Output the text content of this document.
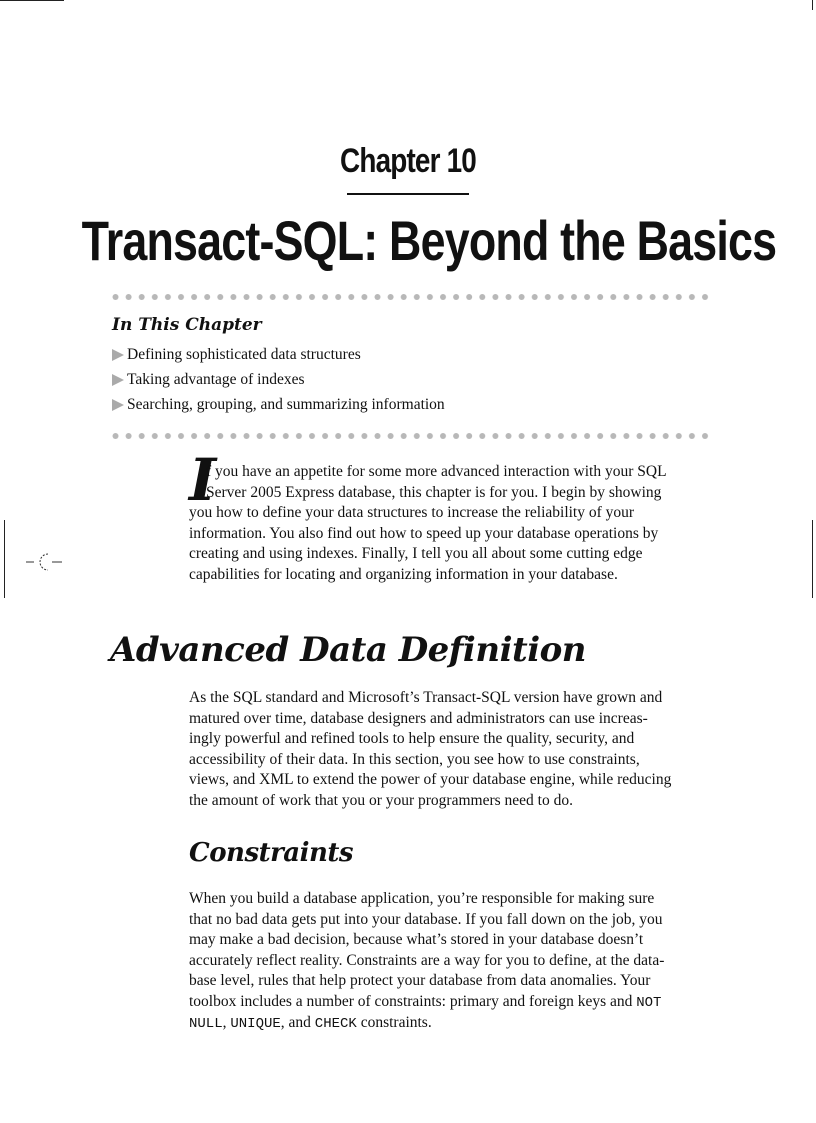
Chapter 10
Transact-SQL: Beyond the Basics
In This Chapter
Defining sophisticated data structures
Taking advantage of indexes
Searching, grouping, and summarizing information
I
f you have an appetite for some more advanced interaction with your SQL
Server 2005 Express database, this chapter is for you. I begin by showing
you how to define your data structures to increase the reliability of your
information. You also find out how to speed up your database operations by
creating and using indexes. Finally, I tell you all about some cutting edge
capabilities for locating and organizing information in your database.
Advanced Data Definition
As the SQL standard and Microsoft’s Transact-SQL version have grown and
matured over time, database designers and administrators can use increas-
ingly powerful and refined tools to help ensure the quality, security, and
accessibility of their data. In this section, you see how to use constraints,
views, and XML to extend the power of your database engine, while reducing
the amount of work that you or your programmers need to do.
Constraints
When you build a database application, you’re responsible for making sure
that no bad data gets put into your database. If you fall down on the job, you
may make a bad decision, because what’s stored in your database doesn’t
accurately reflect reality. Constraints are a way for you to define, at the data-
base level, rules that help protect your database from data anomalies. Your
toolbox includes a number of constraints: primary and foreign keys and NOT
NULL, UNIQUE, and CHECK constraints.
